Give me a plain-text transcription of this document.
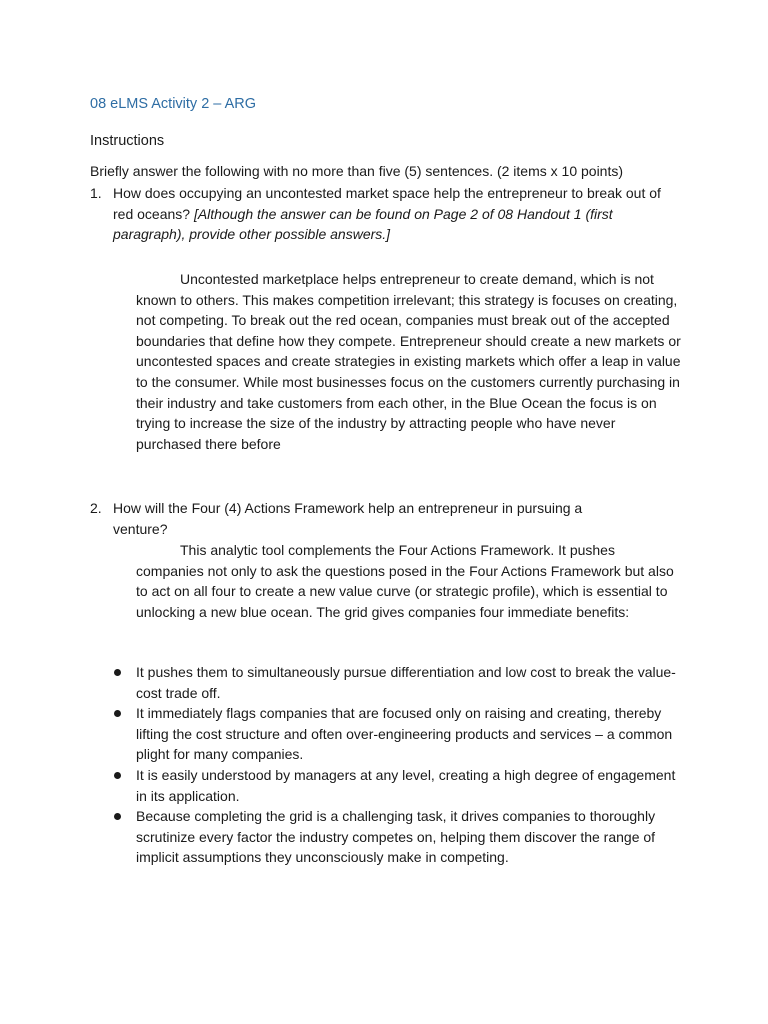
08 eLMS Activity 2 – ARG
Instructions
Briefly answer the following with no more than five (5) sentences. (2 items x 10 points)
1. How does occupying an uncontested market space help the entrepreneur to break out of red oceans? [Although the answer can be found on Page 2 of 08 Handout 1 (first paragraph), provide other possible answers.]
Uncontested marketplace helps entrepreneur to create demand, which is not known to others. This makes competition irrelevant; this strategy is focuses on creating, not competing. To break out the red ocean, companies must break out of the accepted boundaries that define how they compete. Entrepreneur should create a new markets or uncontested spaces and create strategies in existing markets which offer a leap in value to the consumer. While most businesses focus on the customers currently purchasing in their industry and take customers from each other, in the Blue Ocean the focus is on trying to increase the size of the industry by attracting people who have never purchased there before
2. How will the Four (4) Actions Framework help an entrepreneur in pursuing a venture?
This analytic tool complements the Four Actions Framework. It pushes companies not only to ask the questions posed in the Four Actions Framework but also to act on all four to create a new value curve (or strategic profile), which is essential to unlocking a new blue ocean. The grid gives companies four immediate benefits:
It pushes them to simultaneously pursue differentiation and low cost to break the value-cost trade off.
It immediately flags companies that are focused only on raising and creating, thereby lifting the cost structure and often over-engineering products and services – a common plight for many companies.
It is easily understood by managers at any level, creating a high degree of engagement in its application.
Because completing the grid is a challenging task, it drives companies to thoroughly scrutinize every factor the industry competes on, helping them discover the range of implicit assumptions they unconsciously make in competing.
